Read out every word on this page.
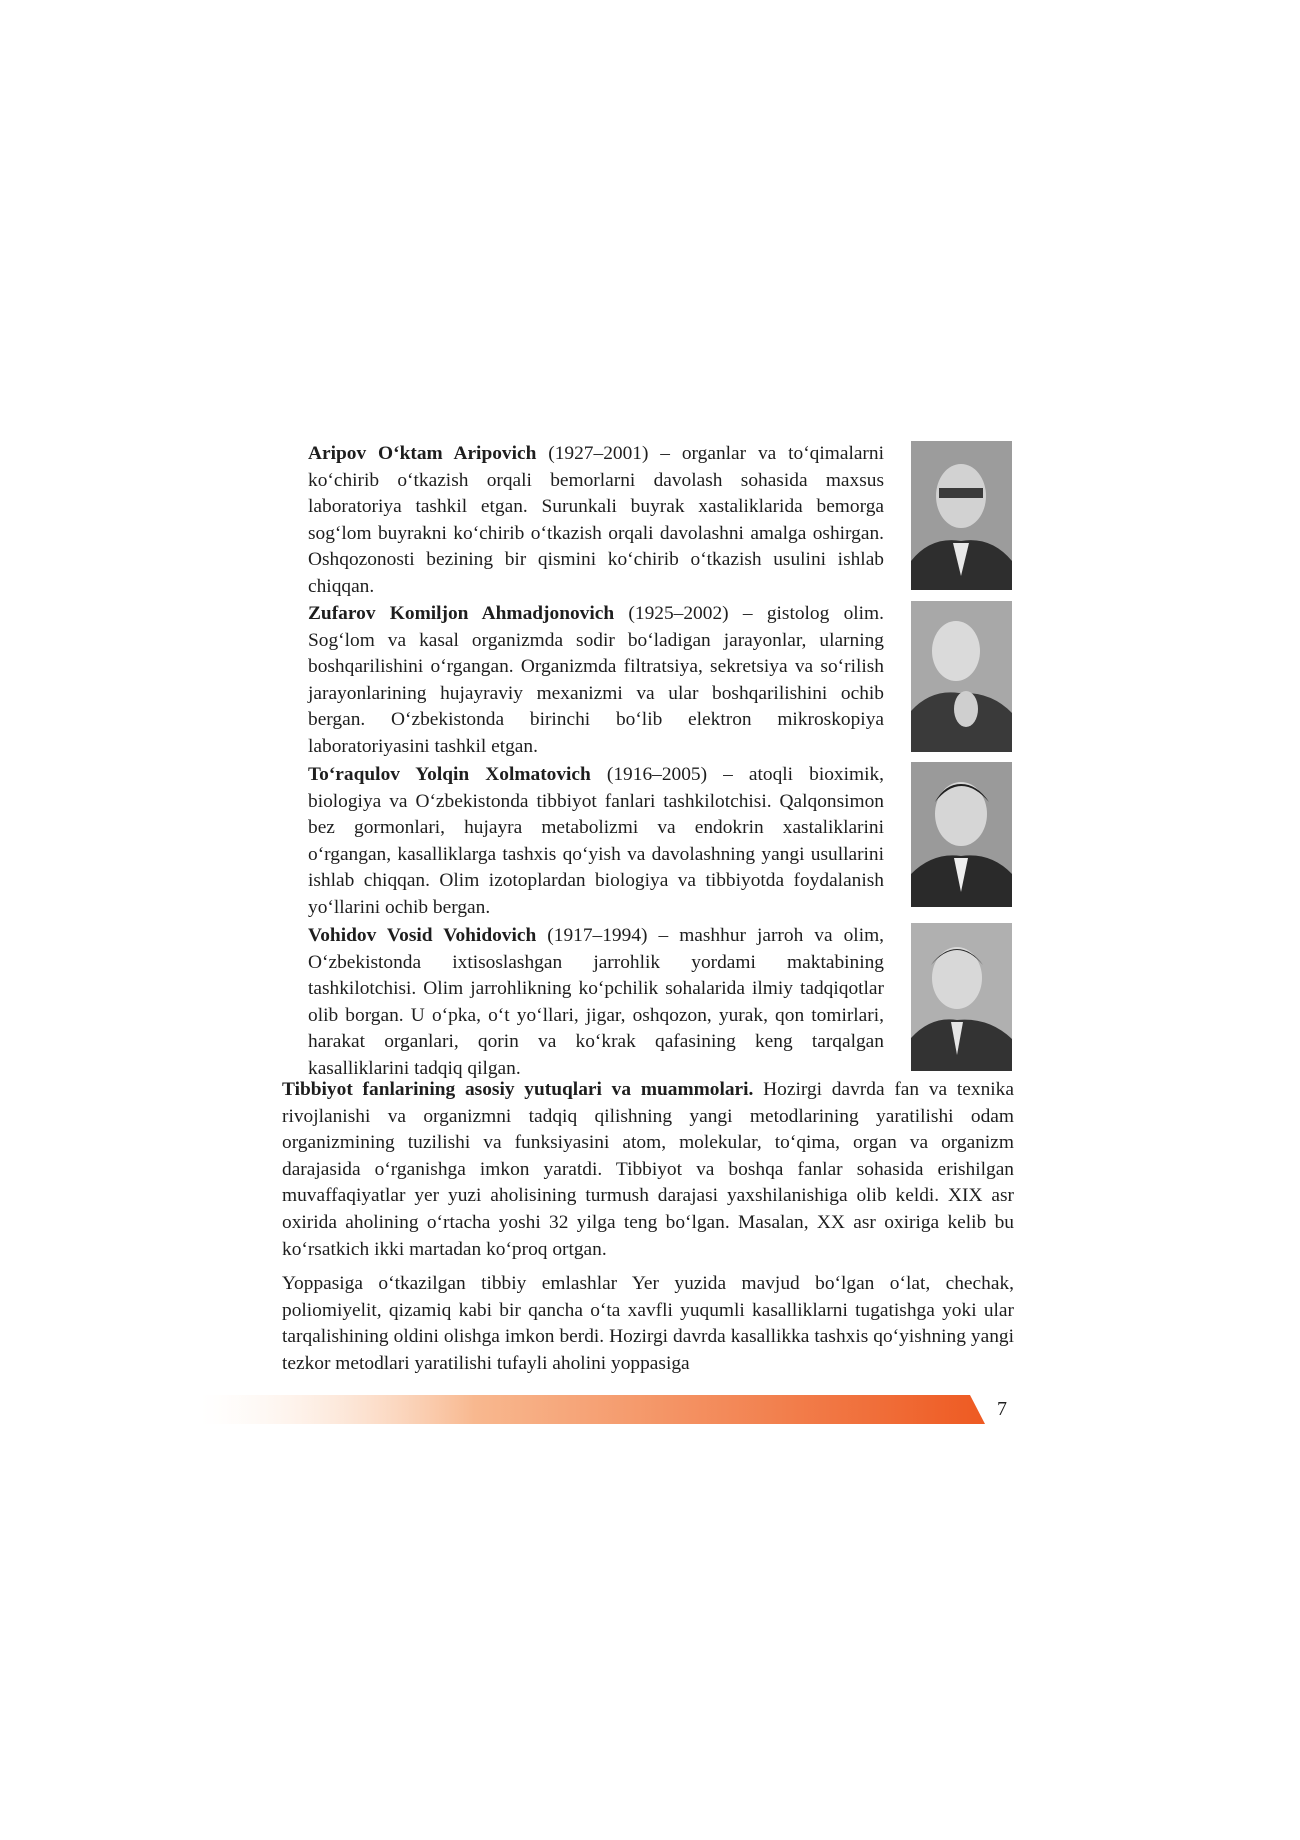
Aripov O‘ktam Aripovich (1927–2001) – organlar va to‘qimalarni ko‘chirib o‘tkazish orqali bemorlarni davolash sohasida maxsus laboratoriya tashkil etgan. Surunkali buyrak xastaliklarida bemorga sog‘lom buyrakni ko‘chirib o‘tkazish orqali davolashni amalga oshirgan. Oshqozonosti bezining bir qismini ko‘chirib o‘tkazish usulini ishlab chiqqan.

Zufarov Komiljon Ahmadjonovich (1925–2002) – gistolog olim. Sog‘lom va kasal organizmda sodir bo‘ladigan jarayonlar, ularning boshqarilishini o‘rgangan. Organizmda filtratsiya, sekretsiya va so‘rilish jarayonlarining hujayraviy mexanizmi va ular boshqarilishini ochib bergan. O‘zbekistonda birinchi bo‘lib elektron mikroskopiya laboratoriyasini tashkil etgan.

To‘raqulov Yolqin Xolmatovich (1916–2005) – atoqli bioximik, biologiya va O‘zbekistonda tibbiyot fanlari tashkilotchisi. Qalqonsimon bez gormonlari, hujayra metabolizmi va endokrin xastaliklarini o‘rgangan, kasalliklarga tashxis qo‘yish va davolashning yangi usullarini ishlab chiqqan. Olim izotoplardan biologiya va tibbiyotda foydalanish yo‘llarini ochib bergan.

Vohidov Vosid Vohidovich (1917–1994) – mashhur jarroh va olim, O‘zbekistonda ixtisoslashgan jarrohlik yordami maktabining tashkilotchisi. Olim jarrohlikning ko‘pchilik sohalarida ilmiy tadqiqotlar olib borgan. U o‘pka, o‘t yo‘llari, jigar, oshqozon, yurak, qon tomirlari, harakat organlari, qorin va ko‘krak qafasining keng tarqalgan kasalliklarini tadqiq qilgan.

Tibbiyot fanlarining asosiy yutuqlari va muammolari. Hozirgi davrda fan va texnika rivojlanishi va organizmni tadqiq qilishning yangi metodlarining yaratilishi odam organizmining tuzilishi va funksiyasini atom, molekular, to‘qima, organ va organizm darajasida o‘rganishga imkon yaratdi. Tibbiyot va boshqa fanlar sohasida erishilgan muvaffaqiyatlar yer yuzi aholisining turmush darajasi yaxshilanishiga olib keldi. XIX asr oxirida aholining o‘rtacha yoshi 32 yilga teng bo‘lgan. Masalan, XX asr oxiriga kelib bu ko‘rsatkich ikki martadan ko‘proq ortgan.

Yoppasiga o‘tkazilgan tibbiy emlashlar Yer yuzida mavjud bo‘lgan o‘lat, chechak, poliomiyelit, qizamiq kabi bir qancha o‘ta xavfli yuqumli kasalliklarni tugatishga yoki ular tarqalishining oldini olishga imkon berdi. Hozirgi davrda kasallikka tashxis qo‘yishning yangi tezkor metodlari yaratilishi tufayli aholini yoppasiga

7
